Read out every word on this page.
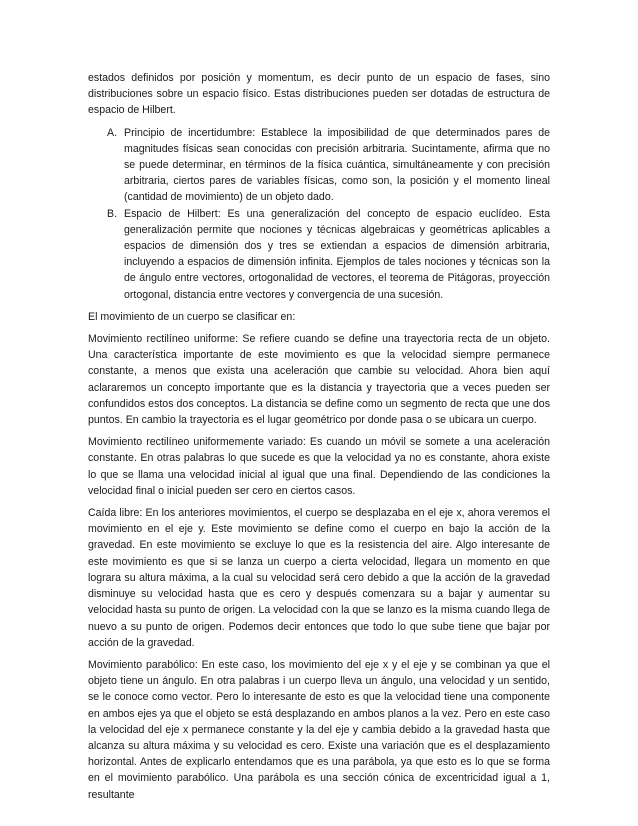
estados definidos por posición y momentum, es decir punto de un espacio de fases, sino distribuciones sobre un espacio físico. Estas distribuciones pueden ser dotadas de estructura de espacio de Hilbert.

A. Principio de incertidumbre: Establece la imposibilidad de que determinados pares de magnitudes físicas sean conocidas con precisión arbitraria. Sucintamente, afirma que no se puede determinar, en términos de la física cuántica, simultáneamente y con precisión arbitraria, ciertos pares de variables físicas, como son, la posición y el momento lineal (cantidad de movimiento) de un objeto dado.
B. Espacio de Hilbert: Es una generalización del concepto de espacio euclídeo. Esta generalización permite que nociones y técnicas algebraicas y geométricas aplicables a espacios de dimensión dos y tres se extiendan a espacios de dimensión arbitraria, incluyendo a espacios de dimensión infinita. Ejemplos de tales nociones y técnicas son la de ángulo entre vectores, ortogonalidad de vectores, el teorema de Pitágoras, proyección ortogonal, distancia entre vectores y convergencia de una sucesión.

El movimiento de un cuerpo se clasificar en:

Movimiento rectilíneo uniforme: Se refiere cuando se define una trayectoria recta de un objeto. Una característica importante de este movimiento es que la velocidad siempre permanece constante, a menos que exista una aceleración que cambie su velocidad. Ahora bien aquí aclararemos un concepto importante que es la distancia y trayectoria que a veces pueden ser confundidos estos dos conceptos. La distancia se define como un segmento de recta que une dos puntos. En cambio la trayectoria es el lugar geométrico por donde pasa o se ubicara un cuerpo.

Movimiento rectilíneo uniformemente variado: Es cuando un móvil se somete a una aceleración constante. En otras palabras lo que sucede es que la velocidad ya no es constante, ahora existe lo que se llama una velocidad inicial al igual que una final. Dependiendo de las condiciones la velocidad final o inicial pueden ser cero en ciertos casos.

Caída libre: En los anteriores movimientos, el cuerpo se desplazaba en el eje x, ahora veremos el movimiento en el eje y. Este movimiento se define como el cuerpo en bajo la acción de la gravedad. En este movimiento se excluye lo que es la resistencia del aire. Algo interesante de este movimiento es que si se lanza un cuerpo a cierta velocidad, llegara un momento en que lograra su altura máxima, a la cual su velocidad será cero debido a que la acción de la gravedad disminuye su velocidad hasta que es cero y después comenzara su a bajar y aumentar su velocidad hasta su punto de origen. La velocidad con la que se lanzo es la misma cuando llega de nuevo a su punto de origen. Podemos decir entonces que todo lo que sube tiene que bajar por acción de la gravedad.

Movimiento parabólico: En este caso, los movimiento del eje x y el eje y se combinan ya que el objeto tiene un ángulo. En otra palabras i un cuerpo lleva un ángulo, una velocidad y un sentido, se le conoce como vector. Pero lo interesante de esto es que la velocidad tiene una componente en ambos ejes ya que el objeto se está desplazando en ambos planos a la vez. Pero en este caso la velocidad del eje x permanece constante y la del eje y cambia debido a la gravedad hasta que alcanza su altura máxima y su velocidad es cero. Existe una variación que es el desplazamiento horizontal. Antes de explicarlo entendamos que es una parábola, ya que esto es lo que se forma en el movimiento parabólico. Una parábola es una sección cónica de excentricidad igual a 1, resultante
